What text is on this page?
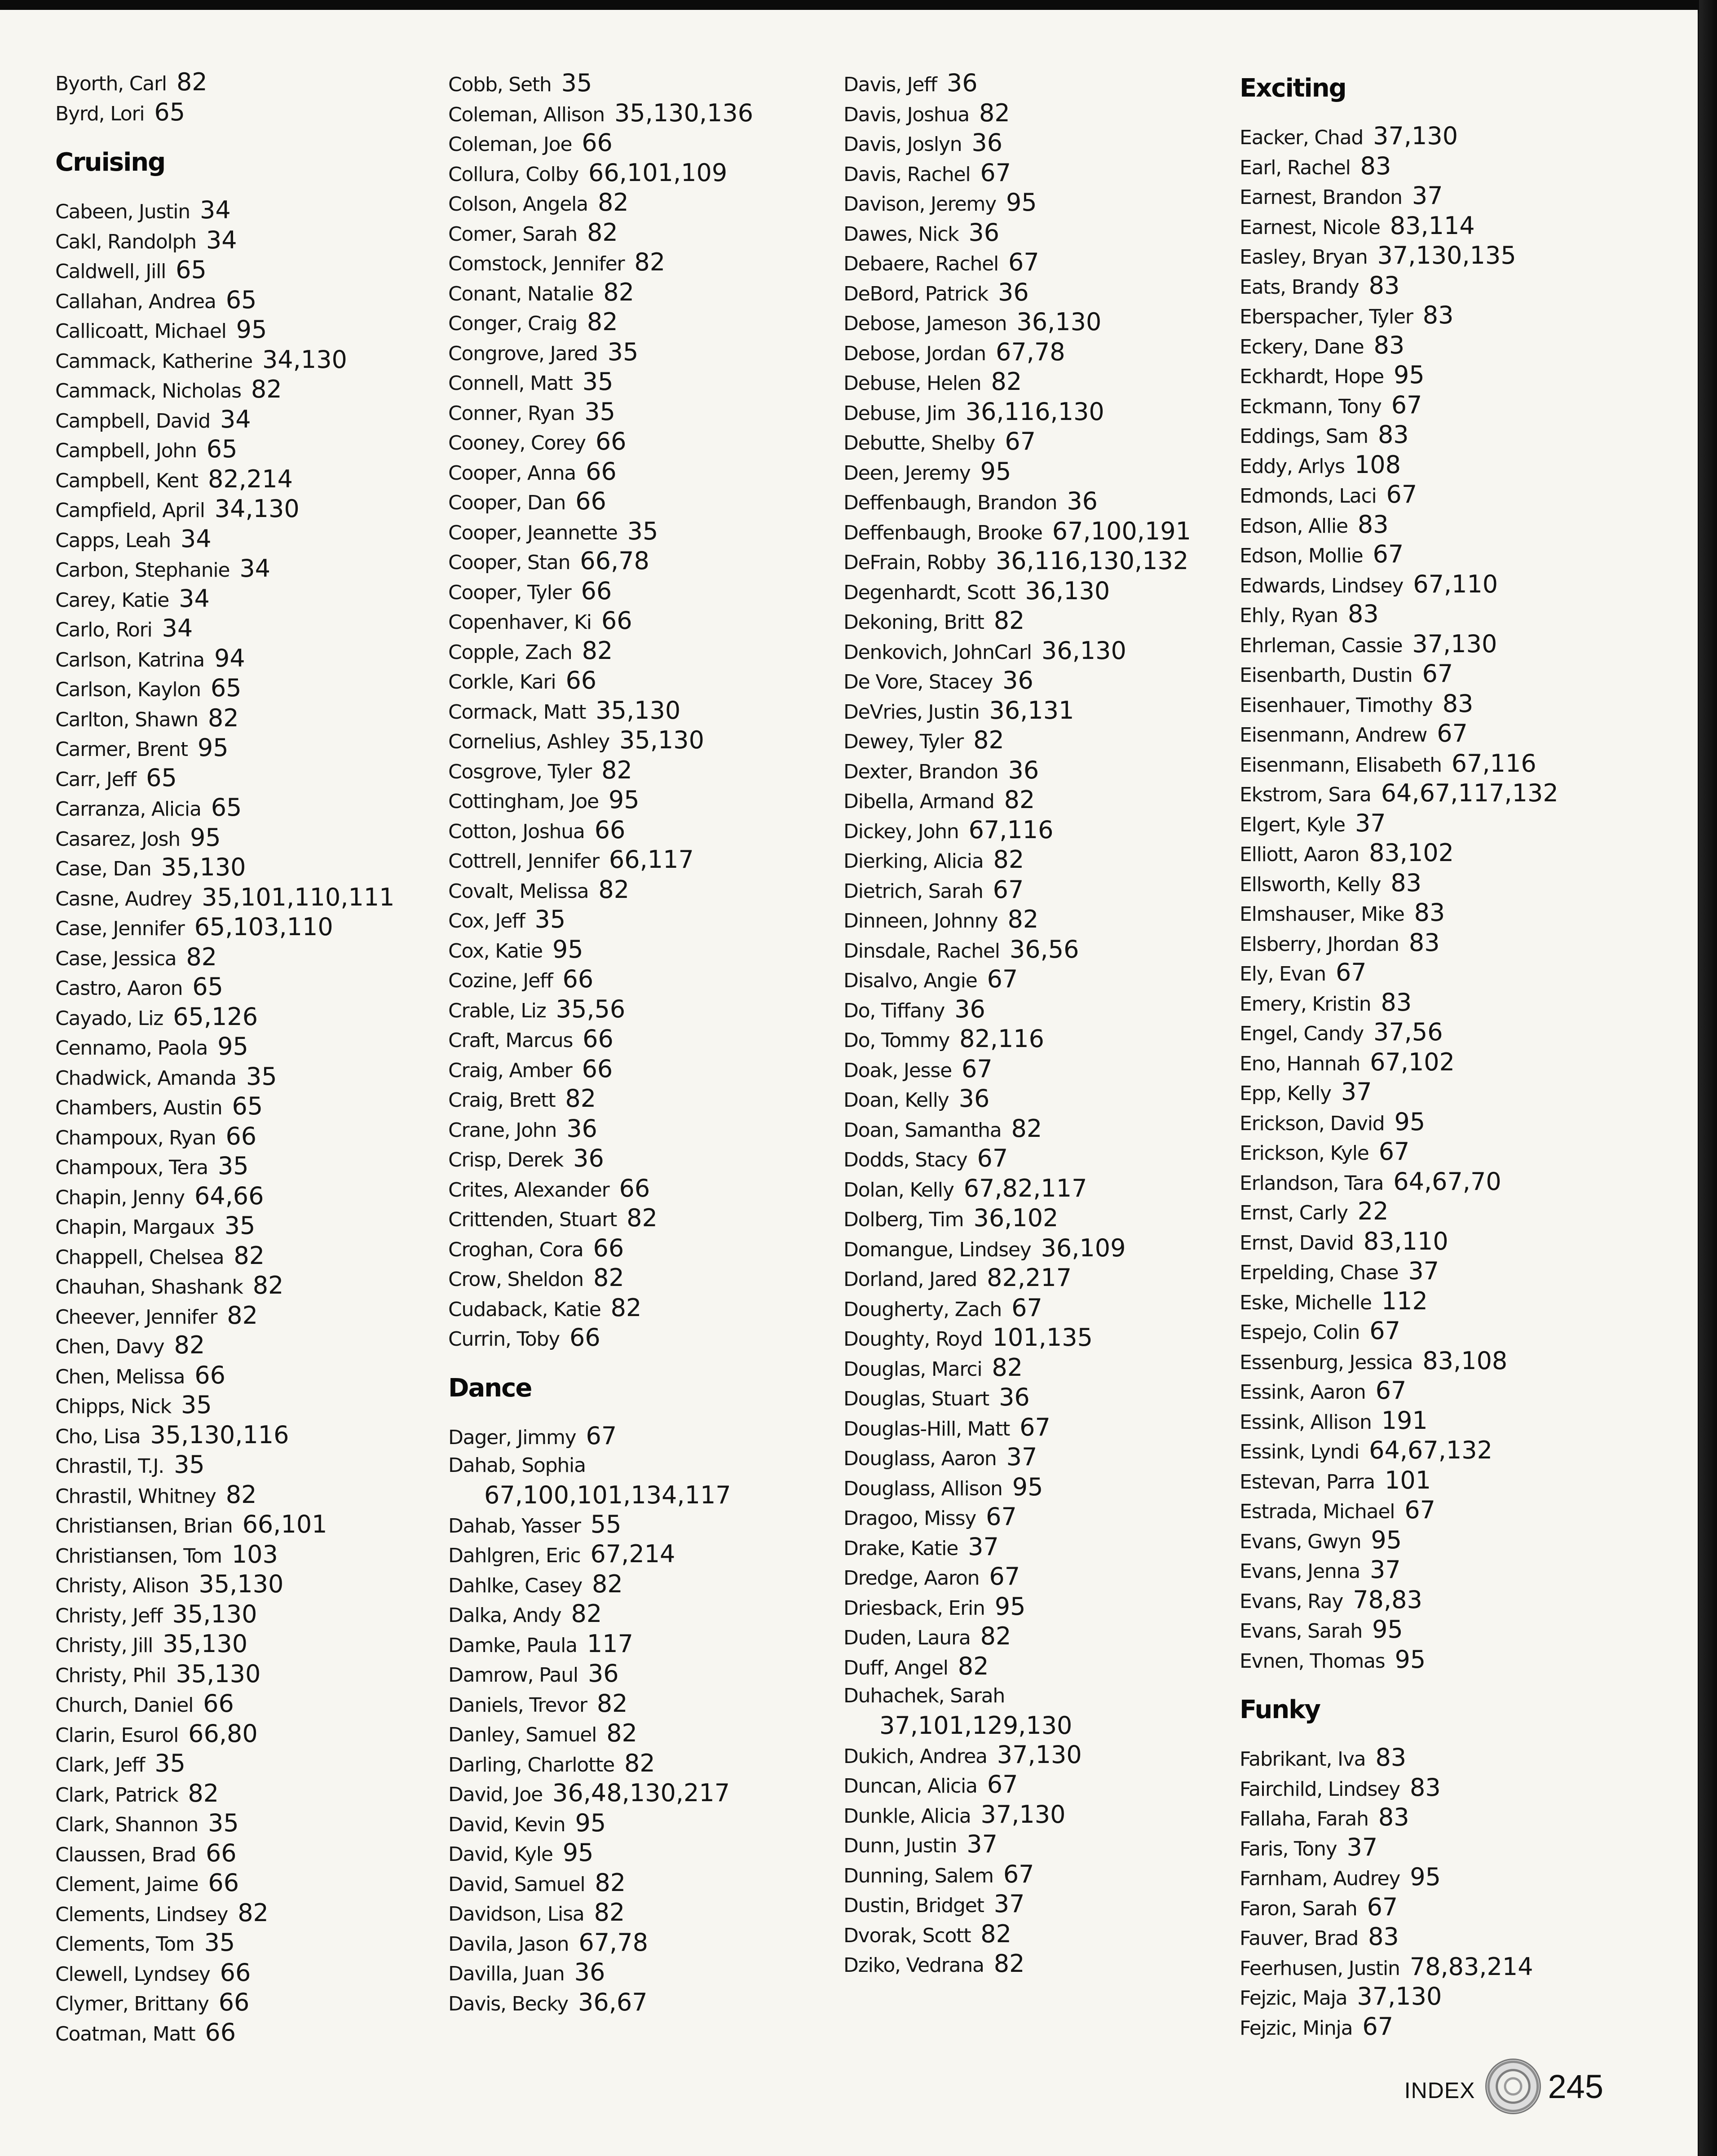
Byorth, Carl 82
Byrd, Lori 65
Cruising
Cabeen, Justin 34
Cakl, Randolph 34
Caldwell, Jill 65
Callahan, Andrea 65
Callicoatt, Michael 95
Cammack, Katherine 34,130
Cammack, Nicholas 82
Campbell, David 34
Campbell, John 65
Campbell, Kent 82,214
Campfield, April 34,130
Capps, Leah 34
Carbon, Stephanie 34
Carey, Katie 34
Carlo, Rori 34
Carlson, Katrina 94
Carlson, Kaylon 65
Carlton, Shawn 82
Carmer, Brent 95
Carr, Jeff 65
Carranza, Alicia 65
Casarez, Josh 95
Case, Dan 35,130
Casne, Audrey 35,101,110,111
Case, Jennifer 65,103,110
Case, Jessica 82
Castro, Aaron 65
Cayado, Liz 65,126
Cennamo, Paola 95
Chadwick, Amanda 35
Chambers, Austin 65
Champoux, Ryan 66
Champoux, Tera 35
Chapin, Jenny 64,66
Chapin, Margaux 35
Chappell, Chelsea 82
Chauhan, Shashank 82
Cheever, Jennifer 82
Chen, Davy 82
Chen, Melissa 66
Chipps, Nick 35
Cho, Lisa 35,130,116
Chrastil, T.J. 35
Chrastil, Whitney 82
Christiansen, Brian 66,101
Christiansen, Tom 103
Christy, Alison 35,130
Christy, Jeff 35,130
Christy, Jill 35,130
Christy, Phil 35,130
Church, Daniel 66
Clarin, Esurol 66,80
Clark, Jeff 35
Clark, Patrick 82
Clark, Shannon 35
Claussen, Brad 66
Clement, Jaime 66
Clements, Lindsey 82
Clements, Tom 35
Clewell, Lyndsey 66
Clymer, Brittany 66
Coatman, Matt 66
Cobb, Seth 35
Coleman, Allison 35,130,136
Coleman, Joe 66
Collura, Colby 66,101,109
Colson, Angela 82
Comer, Sarah 82
Comstock, Jennifer 82
Conant, Natalie 82
Conger, Craig 82
Congrove, Jared 35
Connell, Matt 35
Conner, Ryan 35
Cooney, Corey 66
Cooper, Anna 66
Cooper, Dan 66
Cooper, Jeannette 35
Cooper, Stan 66,78
Cooper, Tyler 66
Copenhaver, Ki 66
Copple, Zach 82
Corkle, Kari 66
Cormack, Matt 35,130
Cornelius, Ashley 35,130
Cosgrove, Tyler 82
Cottingham, Joe 95
Cotton, Joshua 66
Cottrell, Jennifer 66,117
Covalt, Melissa 82
Cox, Jeff 35
Cox, Katie 95
Cozine, Jeff 66
Crable, Liz 35,56
Craft, Marcus 66
Craig, Amber 66
Craig, Brett 82
Crane, John 36
Crisp, Derek 36
Crites, Alexander 66
Crittenden, Stuart 82
Croghan, Cora 66
Crow, Sheldon 82
Cudaback, Katie 82
Currin, Toby 66
Dance
Dager, Jimmy 67
Dahab, Sophia
67,100,101,134,117
Dahab, Yasser 55
Dahlgren, Eric 67,214
Dahlke, Casey 82
Dalka, Andy 82
Damke, Paula 117
Damrow, Paul 36
Daniels, Trevor 82
Danley, Samuel 82
Darling, Charlotte 82
David, Joe 36,48,130,217
David, Kevin 95
David, Kyle 95
David, Samuel 82
Davidson, Lisa 82
Davila, Jason 67,78
Davilla, Juan 36
Davis, Becky 36,67
Davis, Jeff 36
Davis, Joshua 82
Davis, Joslyn 36
Davis, Rachel 67
Davison, Jeremy 95
Dawes, Nick 36
Debaere, Rachel 67
DeBord, Patrick 36
Debose, Jameson 36,130
Debose, Jordan 67,78
Debuse, Helen 82
Debuse, Jim 36,116,130
Debutte, Shelby 67
Deen, Jeremy 95
Deffenbaugh, Brandon 36
Deffenbaugh, Brooke 67,100,191
DeFrain, Robby 36,116,130,132
Degenhardt, Scott 36,130
Dekoning, Britt 82
Denkovich, JohnCarl 36,130
De Vore, Stacey 36
DeVries, Justin 36,131
Dewey, Tyler 82
Dexter, Brandon 36
Dibella, Armand 82
Dickey, John 67,116
Dierking, Alicia 82
Dietrich, Sarah 67
Dinneen, Johnny 82
Dinsdale, Rachel 36,56
Disalvo, Angie 67
Do, Tiffany 36
Do, Tommy 82,116
Doak, Jesse 67
Doan, Kelly 36
Doan, Samantha 82
Dodds, Stacy 67
Dolan, Kelly 67,82,117
Dolberg, Tim 36,102
Domangue, Lindsey 36,109
Dorland, Jared 82,217
Dougherty, Zach 67
Doughty, Royd 101,135
Douglas, Marci 82
Douglas, Stuart 36
Douglas-Hill, Matt 67
Douglass, Aaron 37
Douglass, Allison 95
Dragoo, Missy 67
Drake, Katie 37
Dredge, Aaron 67
Driesback, Erin 95
Duden, Laura 82
Duff, Angel 82
Duhachek, Sarah
37,101,129,130
Dukich, Andrea 37,130
Duncan, Alicia 67
Dunkle, Alicia 37,130
Dunn, Justin 37
Dunning, Salem 67
Dustin, Bridget 37
Dvorak, Scott 82
Dziko, Vedrana 82
Exciting
Eacker, Chad 37,130
Earl, Rachel 83
Earnest, Brandon 37
Earnest, Nicole 83,114
Easley, Bryan 37,130,135
Eats, Brandy 83
Eberspacher, Tyler 83
Eckery, Dane 83
Eckhardt, Hope 95
Eckmann, Tony 67
Eddings, Sam 83
Eddy, Arlys 108
Edmonds, Laci 67
Edson, Allie 83
Edson, Mollie 67
Edwards, Lindsey 67,110
Ehly, Ryan 83
Ehrleman, Cassie 37,130
Eisenbarth, Dustin 67
Eisenhauer, Timothy 83
Eisenmann, Andrew 67
Eisenmann, Elisabeth 67,116
Ekstrom, Sara 64,67,117,132
Elgert, Kyle 37
Elliott, Aaron 83,102
Ellsworth, Kelly 83
Elmshauser, Mike 83
Elsberry, Jhordan 83
Ely, Evan 67
Emery, Kristin 83
Engel, Candy 37,56
Eno, Hannah 67,102
Epp, Kelly 37
Erickson, David 95
Erickson, Kyle 67
Erlandson, Tara 64,67,70
Ernst, Carly 22
Ernst, David 83,110
Erpelding, Chase 37
Eske, Michelle 112
Espejo, Colin 67
Essenburg, Jessica 83,108
Essink, Aaron 67
Essink, Allison 191
Essink, Lyndi 64,67,132
Estevan, Parra 101
Estrada, Michael 67
Evans, Gwyn 95
Evans, Jenna 37
Evans, Ray 78,83
Evans, Sarah 95
Evnen, Thomas 95
Funky
Fabrikant, Iva 83
Fairchild, Lindsey 83
Fallaha, Farah 83
Faris, Tony 37
Farnham, Audrey 95
Faron, Sarah 67
Fauver, Brad 83
Feerhusen, Justin 78,83,214
Fejzic, Maja 37,130
Fejzic, Minja 67
INDEX 245
